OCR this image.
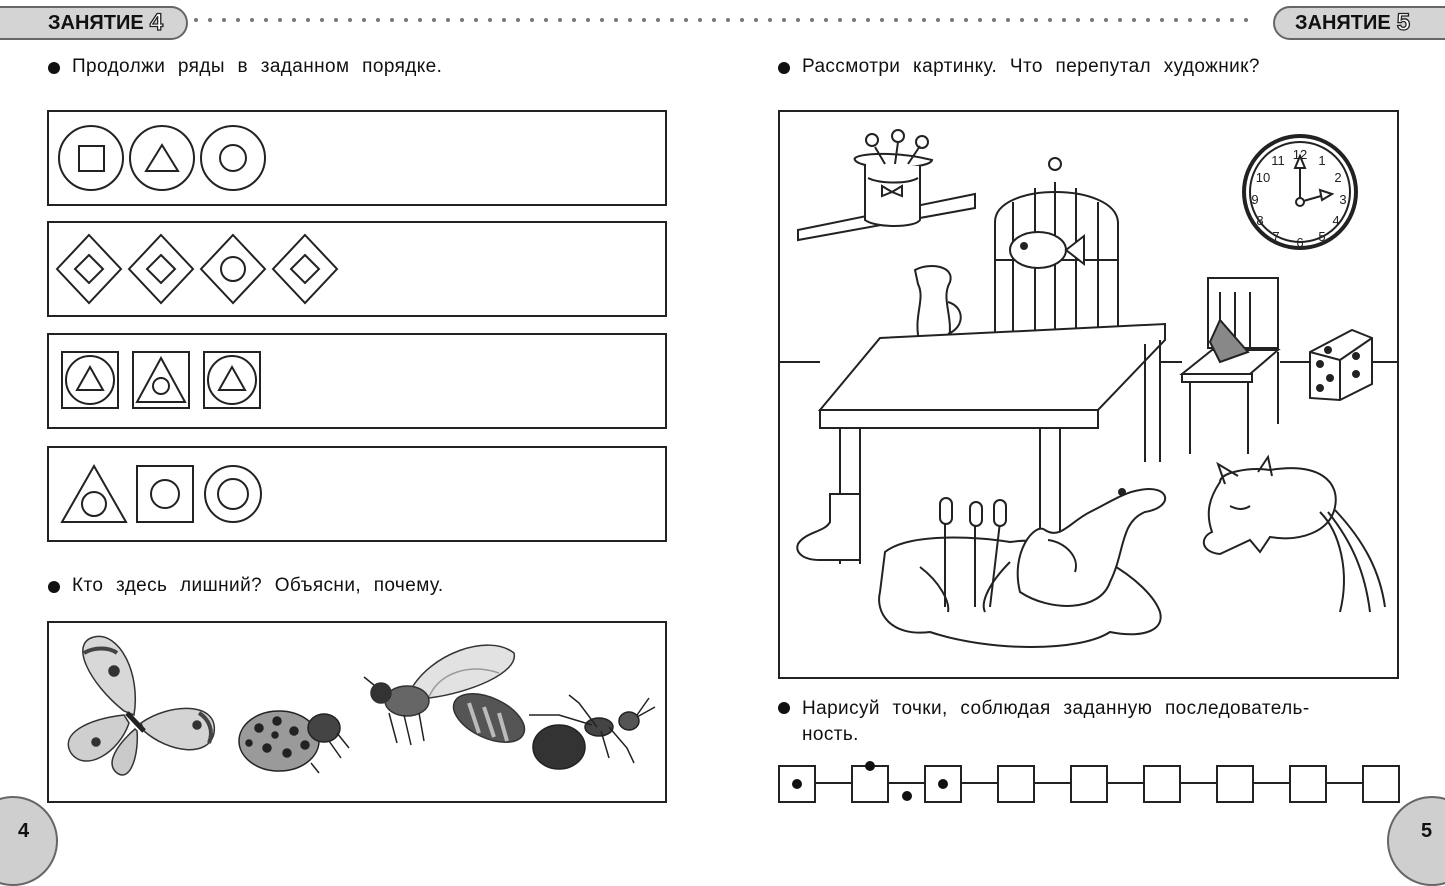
ЗАНЯТИЕ 4	ЗАНЯТИЕ 5
Продолжи ряды в заданном порядке.
Кто здесь лишний? Объясни, почему.
4
Рассмотри картинку. Что перепутал художник?
12
11
10
9
8
7 6 5
4
3
2
1
Нарисуй точки, соблюдая заданную последователь-
ность.
5
